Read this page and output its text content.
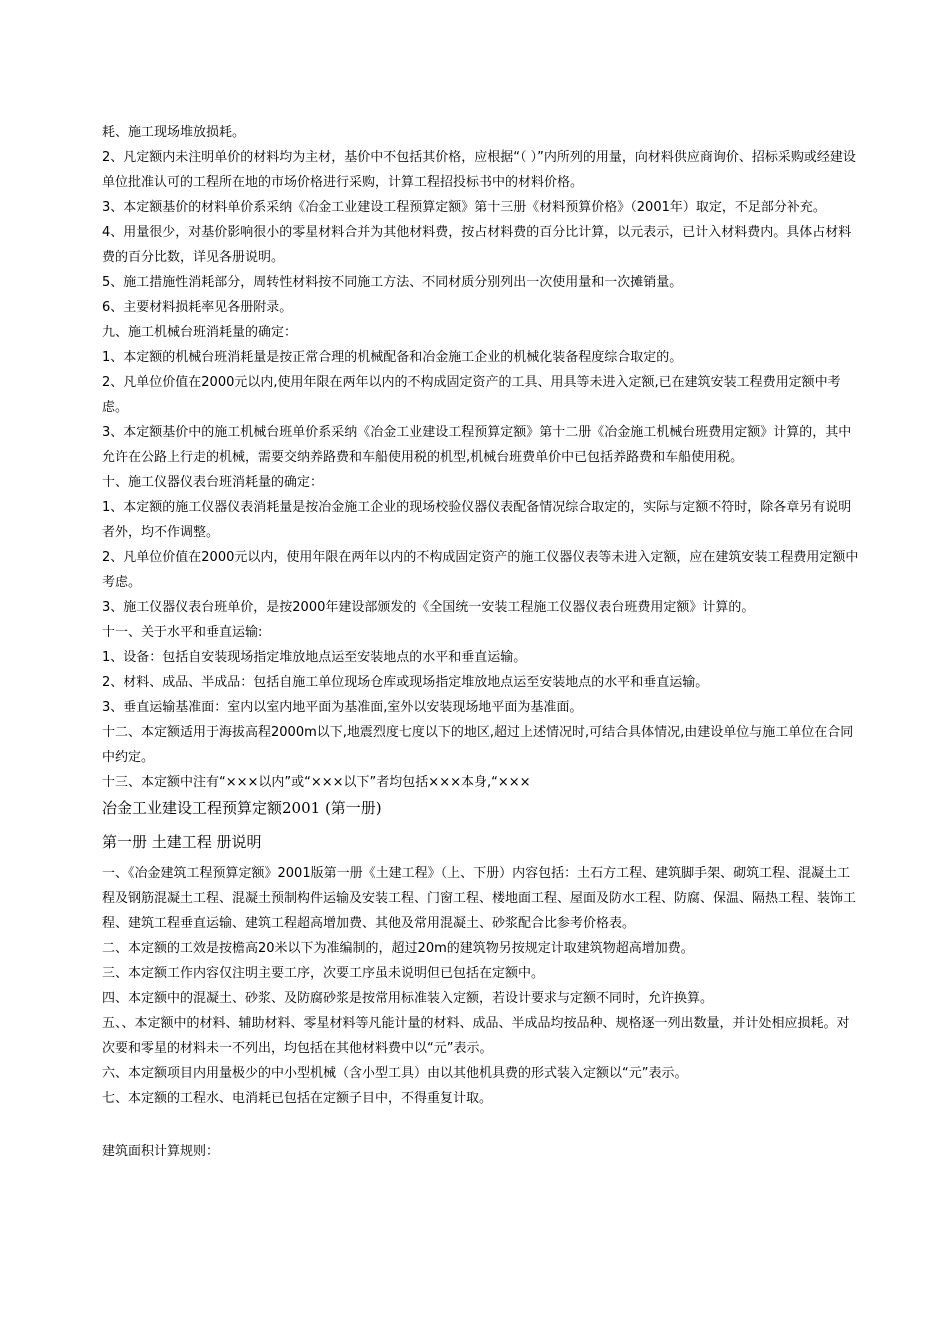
耗、施工现场堆放损耗。

2、凡定额内未注明单价的材料均为主材，基价中不包括其价格，应根据“（ ）”内所列的用量，向材料供应商询价、招标采购或经建设单位批准认可的工程所在地的市场价格进行采购，计算工程招投标书中的材料价格。

3、本定额基价的材料单价系采纳《冶金工业建设工程预算定额》第十三册《材料预算价格》（2001年）取定，不足部分补充。

4、用量很少，对基价影响很小的零星材料合并为其他材料费，按占材料费的百分比计算，以元表示，已计入材料费内。具体占材料费的百分比数，详见各册说明。

5、施工措施性消耗部分，周转性材料按不同施工方法、不同材质分别列出一次使用量和一次摊销量。

6、主要材料损耗率见各册附录。

九、施工机械台班消耗量的确定：

1、本定额的机械台班消耗量是按正常合理的机械配备和冶金施工企业的机械化装备程度综合取定的。

2、凡单位价值在2000元以内,使用年限在两年以内的不构成固定资产的工具、用具等未进入定额,已在建筑安装工程费用定额中考虑。

3、本定额基价中的施工机械台班单价系采纳《冶金工业建设工程预算定额》第十二册《冶金施工机械台班费用定额》计算的，其中允许在公路上行走的机械，需要交纳养路费和车船使用税的机型,机械台班费单价中已包括养路费和车船使用税。

十、施工仪器仪表台班消耗量的确定：

1、本定额的施工仪器仪表消耗量是按冶金施工企业的现场校验仪器仪表配备情况综合取定的，实际与定额不符时，除各章另有说明者外，均不作调整。

2、凡单位价值在2000元以内，使用年限在两年以内的不构成固定资产的施工仪器仪表等未进入定额，应在建筑安装工程费用定额中考虑。

3、施工仪器仪表台班单价，是按2000年建设部颁发的《全国统一安装工程施工仪器仪表台班费用定额》计算的。

十一、关于水平和垂直运输:

1、设备：包括自安装现场指定堆放地点运至安装地点的水平和垂直运输。

2、材料、成品、半成品：包括自施工单位现场仓库或现场指定堆放地点运至安装地点的水平和垂直运输。

3、垂直运输基准面：室内以室内地平面为基准面,室外以安装现场地平面为基准面。

十二、本定额适用于海拔高程2000m以下,地震烈度七度以下的地区,超过上述情况时,可结合具体情况,由建设单位与施工单位在合同中约定。

十三、本定额中注有“×××以内”或“×××以下”者均包括×××本身,“×××

冶金工业建设工程预算定额2001 (第一册)

第一册 土建工程 册说明

一、《冶金建筑工程预算定额》2001版第一册《土建工程》（上、下册）内容包括：土石方工程、建筑脚手架、砌筑工程、混凝土工程及钢筋混凝土工程、混凝土预制构件运输及安装工程、门窗工程、楼地面工程、屋面及防水工程、防腐、保温、隔热工程、装饰工程、建筑工程垂直运输、建筑工程超高增加费、其他及常用混凝土、砂浆配合比参考价格表。

二、本定额的工效是按檐高20米以下为准编制的，超过20m的建筑物另按规定计取建筑物超高增加费。

三、本定额工作内容仅注明主要工序，次要工序虽未说明但已包括在定额中。

四、本定额中的混凝土、砂浆、及防腐砂浆是按常用标准装入定额，若设计要求与定额不同时，允许换算。

五、、本定额中的材料、辅助材料、零星材料等凡能计量的材料、成品、半成品均按品种、规格逐一列出数量，并计处相应损耗。对次要和零星的材料未一不列出，均包括在其他材料费中以“元”表示。

六、本定额项目内用量极少的中小型机械（含小型工具）由以其他机具费的形式装入定额以“元”表示。

七、本定额的工程水、电消耗已包括在定额子目中，不得重复计取。

建筑面积计算规则：
